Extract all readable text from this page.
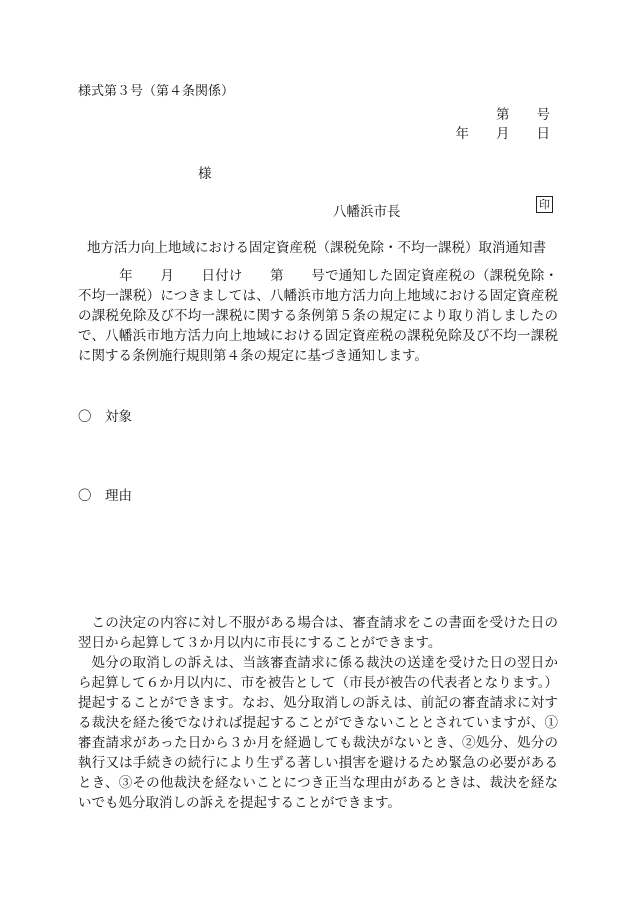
様式第３号（第４条関係）
第　　号
年　　月　　日
様
八幡浜市長	印
地方活力向上地域における固定資産税（課税免除・不均一課税）取消通知書
　　　年　　月　　日付け　　第　　号で通知した固定資産税の（課税免除・不均一課税）につきましては、八幡浜市地方活力向上地域における固定資産税の課税免除及び不均一課税に関する条例第５条の規定により取り消しましたので、八幡浜市地方活力向上地域における固定資産税の課税免除及び不均一課税に関する条例施行規則第４条の規定に基づき通知します。
〇　対象
〇　理由

この決定の内容に対し不服がある場合は、審査請求をこの書面を受けた日の翌日から起算して３か月以内に市長にすることができます。

処分の取消しの訴えは、当該審査請求に係る裁決の送達を受けた日の翌日から起算して６か月以内に、市を被告として（市長が被告の代表者となります。）提起することができます。なお、処分取消しの訴えは、前記の審査請求に対する裁決を経た後でなければ提起することができないこととされていますが、①審査請求があった日から３か月を経過しても裁決がないとき、②処分、処分の執行又は手続きの続行により生ずる著しい損害を避けるため緊急の必要があるとき、③その他裁決を経ないことにつき正当な理由があるときは、裁決を経ないでも処分取消しの訴えを提起することができます。
